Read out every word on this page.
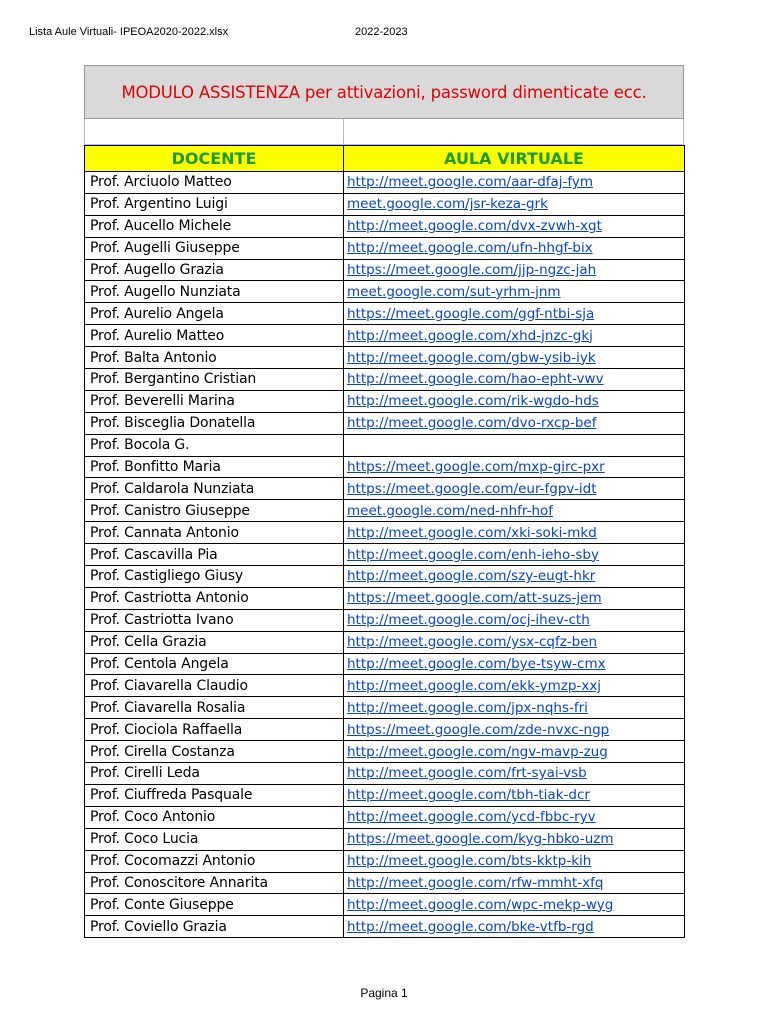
Lista Aule Virtuali- IPEOA2020-2022.xlsx	2022-2023
MODULO ASSISTENZA per attivazioni, password dimenticate ecc.
DOCENTE	AULA VIRTUALE
Prof. Arciuolo Matteo	http://meet.google.com/aar-dfaj-fym
Prof. Argentino Luigi	meet.google.com/jsr-keza-grk
Prof. Aucello Michele	http://meet.google.com/dvx-zvwh-xgt
Prof. Augelli Giuseppe	http://meet.google.com/ufn-hhgf-bix
Prof. Augello Grazia	https://meet.google.com/jjp-ngzc-jah
Prof. Augello Nunziata	meet.google.com/sut-yrhm-jnm
Prof. Aurelio Angela	https://meet.google.com/ggf-ntbi-sja
Prof. Aurelio Matteo	http://meet.google.com/xhd-jnzc-gkj
Prof. Balta Antonio	http://meet.google.com/gbw-ysib-iyk
Prof. Bergantino Cristian	http://meet.google.com/hao-epht-vwv
Prof. Beverelli Marina	http://meet.google.com/rik-wgdo-hds
Prof. Bisceglia Donatella	http://meet.google.com/dvo-rxcp-bef
Prof. Bocola G.	
Prof. Bonfitto Maria	https://meet.google.com/mxp-girc-pxr
Prof. Caldarola Nunziata	https://meet.google.com/eur-fgpv-idt
Prof. Canistro Giuseppe	meet.google.com/ned-nhfr-hof
Prof. Cannata Antonio	http://meet.google.com/xki-soki-mkd
Prof. Cascavilla Pia	http://meet.google.com/enh-ieho-sby
Prof. Castigliego Giusy	http://meet.google.com/szy-eugt-hkr
Prof. Castriotta Antonio	https://meet.google.com/att-suzs-jem
Prof. Castriotta Ivano	http://meet.google.com/ocj-ihev-cth
Prof. Cella Grazia	http://meet.google.com/ysx-cqfz-ben
Prof. Centola Angela	http://meet.google.com/bye-tsyw-cmx
Prof. Ciavarella Claudio	http://meet.google.com/ekk-ymzp-xxj
Prof. Ciavarella Rosalia	http://meet.google.com/jpx-nqhs-fri
Prof. Ciociola Raffaella	https://meet.google.com/zde-nvxc-ngp
Prof. Cirella Costanza	http://meet.google.com/ngv-mavp-zug
Prof. Cirelli Leda	http://meet.google.com/frt-syai-vsb
Prof. Ciuffreda Pasquale	http://meet.google.com/tbh-tiak-dcr
Prof. Coco Antonio	http://meet.google.com/ycd-fbbc-ryv
Prof. Coco Lucia	https://meet.google.com/kyg-hbko-uzm
Prof. Cocomazzi Antonio	http://meet.google.com/bts-kktp-kih
Prof. Conoscitore Annarita	http://meet.google.com/rfw-mmht-xfq
Prof. Conte Giuseppe	http://meet.google.com/wpc-mekp-wyg
Prof. Coviello Grazia	http://meet.google.com/bke-vtfb-rgd
Pagina 1
